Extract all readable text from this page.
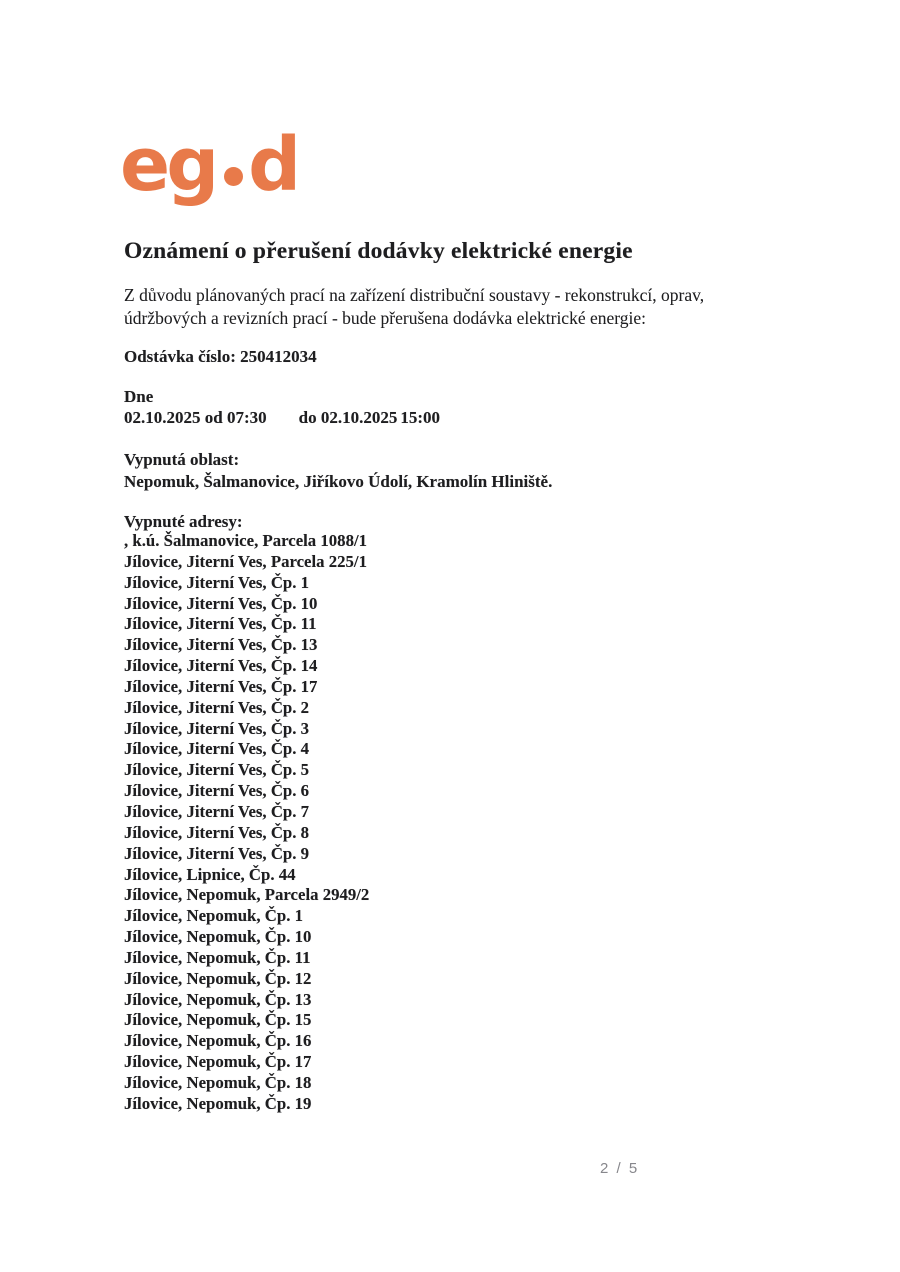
eg d
Oznámení o přerušení dodávky elektrické energie

Z důvodu plánovaných prací na zařízení distribuční soustavy - rekonstrukcí, oprav,
údržbových a revizních prací - bude přerušena dodávka elektrické energie:

Odstávka číslo: 250412034
Dne
02.10.2025 od 07:30 do 02.10.2025 15:00
Vypnutá oblast:
Nepomuk, Šalmanovice, Jiříkovo Údolí, Kramolín Hliniště.
Vypnuté adresy:
, k.ú. Šalmanovice, Parcela 1088/1
Jílovice, Jiterní Ves, Parcela 225/1
Jílovice, Jiterní Ves, Čp. 1
Jílovice, Jiterní Ves, Čp. 10
Jílovice, Jiterní Ves, Čp. 11
Jílovice, Jiterní Ves, Čp. 13
Jílovice, Jiterní Ves, Čp. 14
Jílovice, Jiterní Ves, Čp. 17
Jílovice, Jiterní Ves, Čp. 2
Jílovice, Jiterní Ves, Čp. 3
Jílovice, Jiterní Ves, Čp. 4
Jílovice, Jiterní Ves, Čp. 5
Jílovice, Jiterní Ves, Čp. 6
Jílovice, Jiterní Ves, Čp. 7
Jílovice, Jiterní Ves, Čp. 8
Jílovice, Jiterní Ves, Čp. 9
Jílovice, Lipnice, Čp. 44
Jílovice, Nepomuk, Parcela 2949/2
Jílovice, Nepomuk, Čp. 1
Jílovice, Nepomuk, Čp. 10
Jílovice, Nepomuk, Čp. 11
Jílovice, Nepomuk, Čp. 12
Jílovice, Nepomuk, Čp. 13
Jílovice, Nepomuk, Čp. 15
Jílovice, Nepomuk, Čp. 16
Jílovice, Nepomuk, Čp. 17
Jílovice, Nepomuk, Čp. 18
Jílovice, Nepomuk, Čp. 19
2 / 5
